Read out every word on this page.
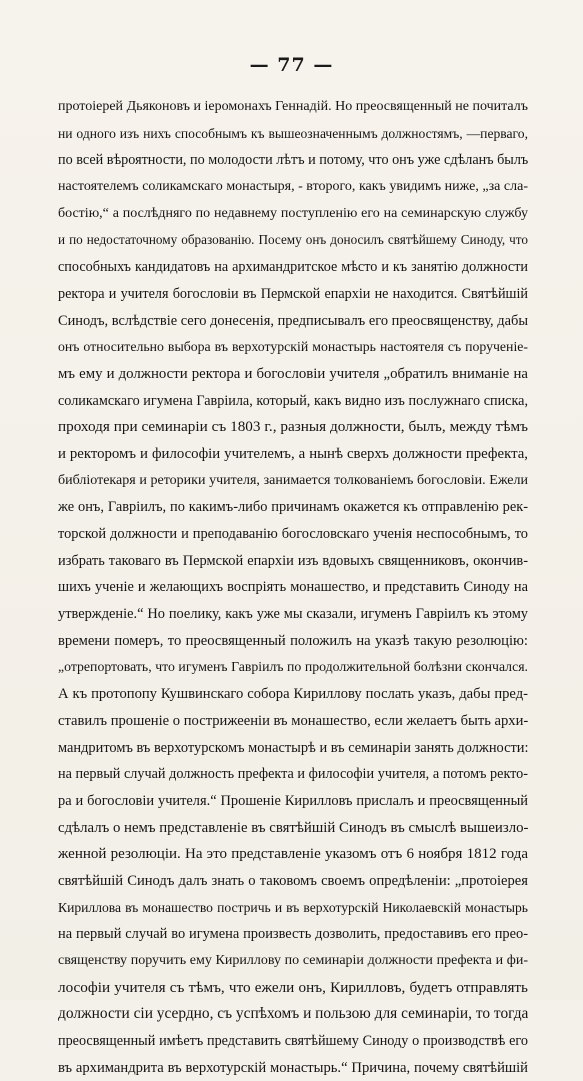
— 77 —
протоіерей Дьяконовъ и іеромонахъ Геннадій. Но преосвященный не почиталъ
ни одного изъ нихъ способнымъ къ вышеозначеннымъ должностямъ, —перваго,
по всей вѣроятности, по молодости лѣтъ и потому, что онъ уже сдѣланъ былъ
настоятелемъ соликамскаго монастыря, - второго, какъ увидимъ ниже, „за сла-
бостію,“ а послѣдняго по недавнему поступленію его на семинарскую службу
и по недостаточному образованію. Посему онъ доносилъ святѣйшему Синоду, что
способныхъ кандидатовъ на архимандритское мѣсто и къ занятію должности
ректора и учителя богословіи въ Пермской епархіи не находится. Святѣйшій
Синодъ, вслѣдствіе сего донесенія, предписывалъ его преосвященству, дабы
онъ относительно выбора въ верхотурскій монастырь настоятеля съ порученіе-
мъ ему и должности ректора и богословіи учителя „обратилъ вниманіе на
соликамскаго игумена Гавріила, который, какъ видно изъ послужнаго списка,
проходя при семинаріи съ 1803 г., разныя должности, былъ, между тѣмъ
и ректоромъ и философіи учителемъ, а нынѣ сверхъ должности префекта,
библіотекаря и реторики учителя, занимается толкованіемъ богословіи. Ежели
же онъ, Гавріилъ, по какимъ-либо причинамъ окажется къ отправленію рек-
торской должности и преподаванію богословскаго ученія неспособнымъ, то
избрать таковаго въ Пермской епархіи изъ вдовыхъ священниковъ, окончив-
шихъ ученіе и желающихъ воспріять монашество, и представить Синоду на
утвержденіе.“ Но поелику, какъ уже мы сказали, игуменъ Гавріилъ къ этому
времени померъ, то преосвященный положилъ на указѣ такую резолюцію:
„отрепортовать, что игуменъ Гавріилъ по продолжительной болѣзни скончался.
А къ протопопу Кушвинскаго собора Кириллову послать указъ, дабы пред-
ставилъ прошеніе о пострижееніи въ монашество, если желаетъ быть архи-
мандритомъ въ верхотурскомъ монастырѣ и въ семинаріи занять должности:
на первый случай должность префекта и философіи учителя, а потомъ ректо-
ра и богословіи учителя.“ Прошеніе Кирилловъ прислалъ и преосвященный
сдѣлалъ о немъ представленіе въ святѣйшій Синодъ въ смыслѣ вышеизло-
женной резолюціи. На это представленіе указомъ отъ 6 ноября 1812 года
святѣйшій Синодъ далъ знать о таковомъ своемъ опредѣленіи: „протоіерея
Кириллова въ монашество постричь и въ верхотурскій Николаевскій монастырь
на первый случай во игумена произвесть дозволить, предоставивъ его прео-
священству поручить ему Кириллову по семинаріи должности префекта и фи-
лософіи учителя съ тѣмъ, что ежели онъ, Кирилловъ, будетъ отправлять
должности сіи усердно, съ успѣхомъ и пользою для семинаріи, то тогда
преосвященный имѣетъ представить святѣйшему Синоду о производствѣ его
въ архимандрита въ верхотурскій монастырь.“ Причина, почему святѣйшій
